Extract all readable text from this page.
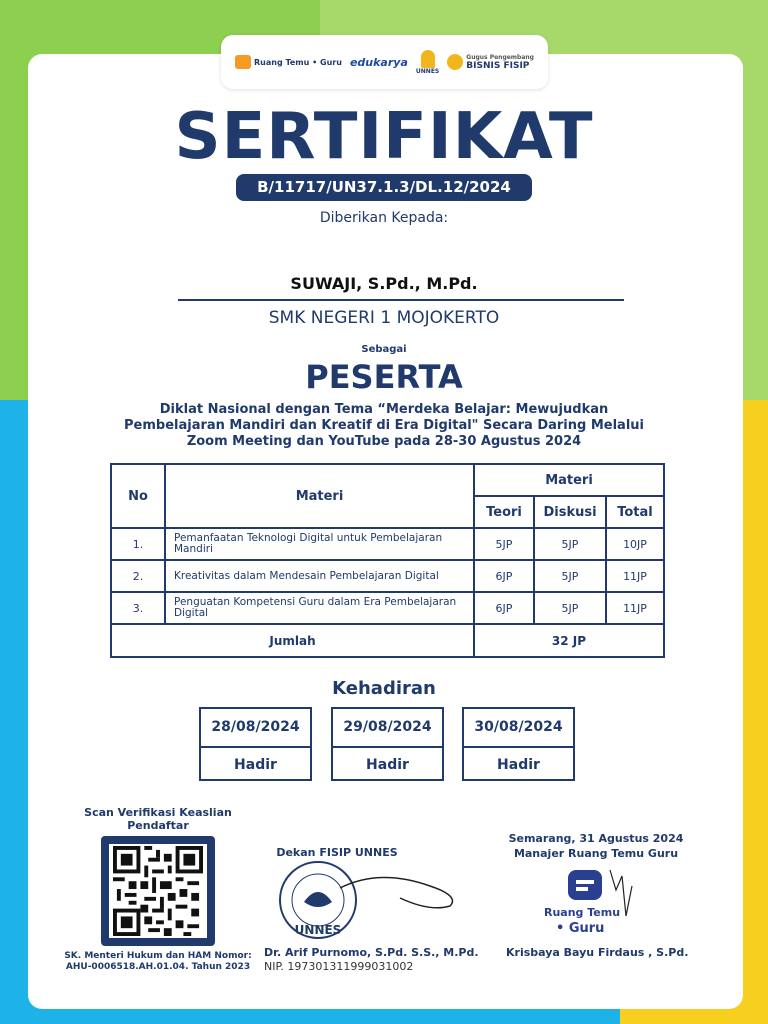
Ruang Temu • Guru edukarya
UNNES
Gugus Pengembang
BISNIS FISIP
SERTIFIKAT
B/11717/UN37.1.3/DL.12/2024
Diberikan Kepada:
SUWAJI, S.Pd., M.Pd.
SMK NEGERI 1 MOJOKERTO
Sebagai
PESERTA
Diklat Nasional dengan Tema “Merdeka Belajar: Mewujudkan Pembelajaran Mandiri dan Kreatif di Era Digital" Secara Daring Melalui Zoom Meeting dan YouTube pada 28-30 Agustus 2024
No	Materi	Materi		
		Teori	Diskusi	Total
1.	Pemanfaatan Teknologi Digital untuk Pembelajaran Mandiri	5JP	5JP	10JP
2.	Kreativitas dalam Mendesain Pembelajaran Digital	6JP	5JP	11JP
3.	Penguatan Kompetensi Guru dalam Era Pembelajaran Digital	6JP	5JP	11JP
Jumlah		32 JP		
Kehadiran
28/08/2024
Hadir
29/08/2024
Hadir
30/08/2024
Hadir
Scan Verifikasi Keaslian Pendaftar
SK. Menteri Hukum dan HAM Nomor: AHU-0006518.AH.01.04. Tahun 2023
Dekan FISIP UNNES
UNNES
Dr. Arif Purnomo, S.Pd. S.S., M.Pd.
NIP. 197301311999031002
Semarang, 31 Agustus 2024
Manajer Ruang Temu Guru
Ruang Temu
• Guru
Krisbaya Bayu Firdaus , S.Pd.
